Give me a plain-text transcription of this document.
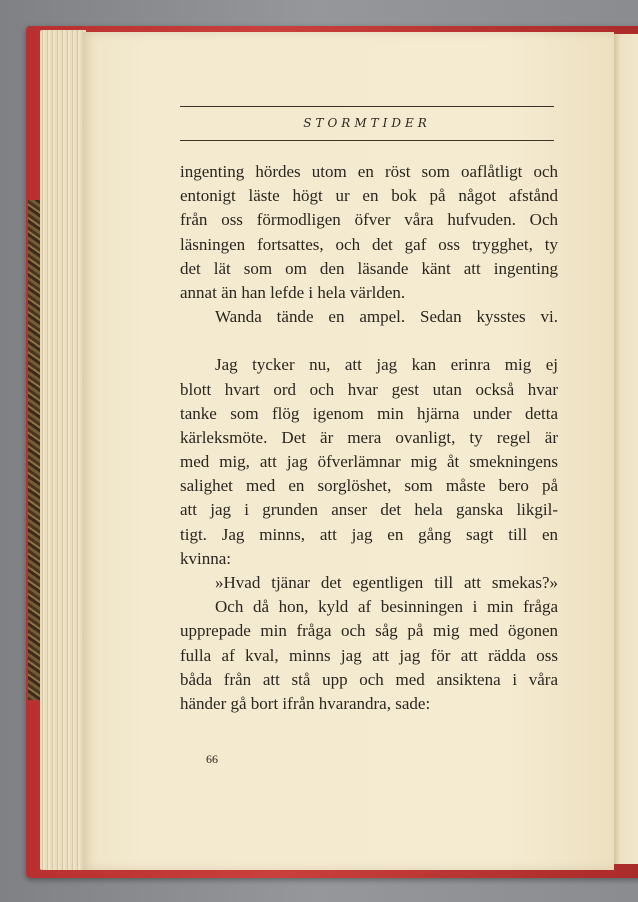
STORMTIDER
ingenting hördes utom en röst som oaflåtligt och
entonigt läste högt ur en bok på något afstånd
från oss förmodligen öfver våra hufvuden. Och
läsningen fortsattes, och det gaf oss trygghet, ty
det lät som om den läsande känt att ingenting
annat än han lefde i hela världen.
Wanda tände en ampel. Sedan kysstes vi.
Jag tycker nu, att jag kan erinra mig ej
blott hvart ord och hvar gest utan också hvar
tanke som flög igenom min hjärna under detta
kärleksmöte. Det är mera ovanligt, ty regel är
med mig, att jag öfverlämnar mig åt smekningens
salighet med en sorglöshet, som måste bero på
att jag i grunden anser det hela ganska likgil-
tigt. Jag minns, att jag en gång sagt till en
kvinna:
»Hvad tjänar det egentligen till att smekas?»
Och då hon, kyld af besinningen i min fråga
upprepade min fråga och såg på mig med ögonen
fulla af kval, minns jag att jag för att rädda oss
båda från att stå upp och med ansiktena i våra
händer gå bort ifrån hvarandra, sade:
66
